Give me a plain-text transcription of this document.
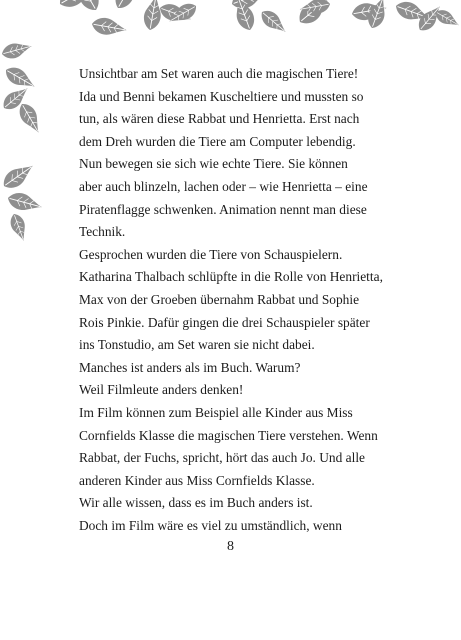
Unsichtbar am Set waren auch die magischen Tiere!
Ida und Benni bekamen Kuscheltiere und mussten so
tun, als wären diese Rabbat und Henrietta. Erst nach
dem Dreh wurden die Tiere am Computer lebendig.
Nun bewegen sie sich wie echte Tiere. Sie können
aber auch blinzeln, lachen oder – wie Henrietta – eine
Piratenflagge schwenken. Animation nennt man diese
Technik.
Gesprochen wurden die Tiere von Schauspielern.
Katharina Thalbach schlüpfte in die Rolle von Henrietta,
Max von der Groeben übernahm Rabbat und Sophie
Rois Pinkie. Dafür gingen die drei Schauspieler später
ins Tonstudio, am Set waren sie nicht dabei.
Manches ist anders als im Buch. Warum?
Weil Filmleute anders denken!
Im Film können zum Beispiel alle Kinder aus Miss
Cornfields Klasse die magischen Tiere verstehen. Wenn
Rabbat, der Fuchs, spricht, hört das auch Jo. Und alle
anderen Kinder aus Miss Cornfields Klasse.
Wir alle wissen, dass es im Buch anders ist.
Doch im Film wäre es viel zu umständlich, wenn
8
